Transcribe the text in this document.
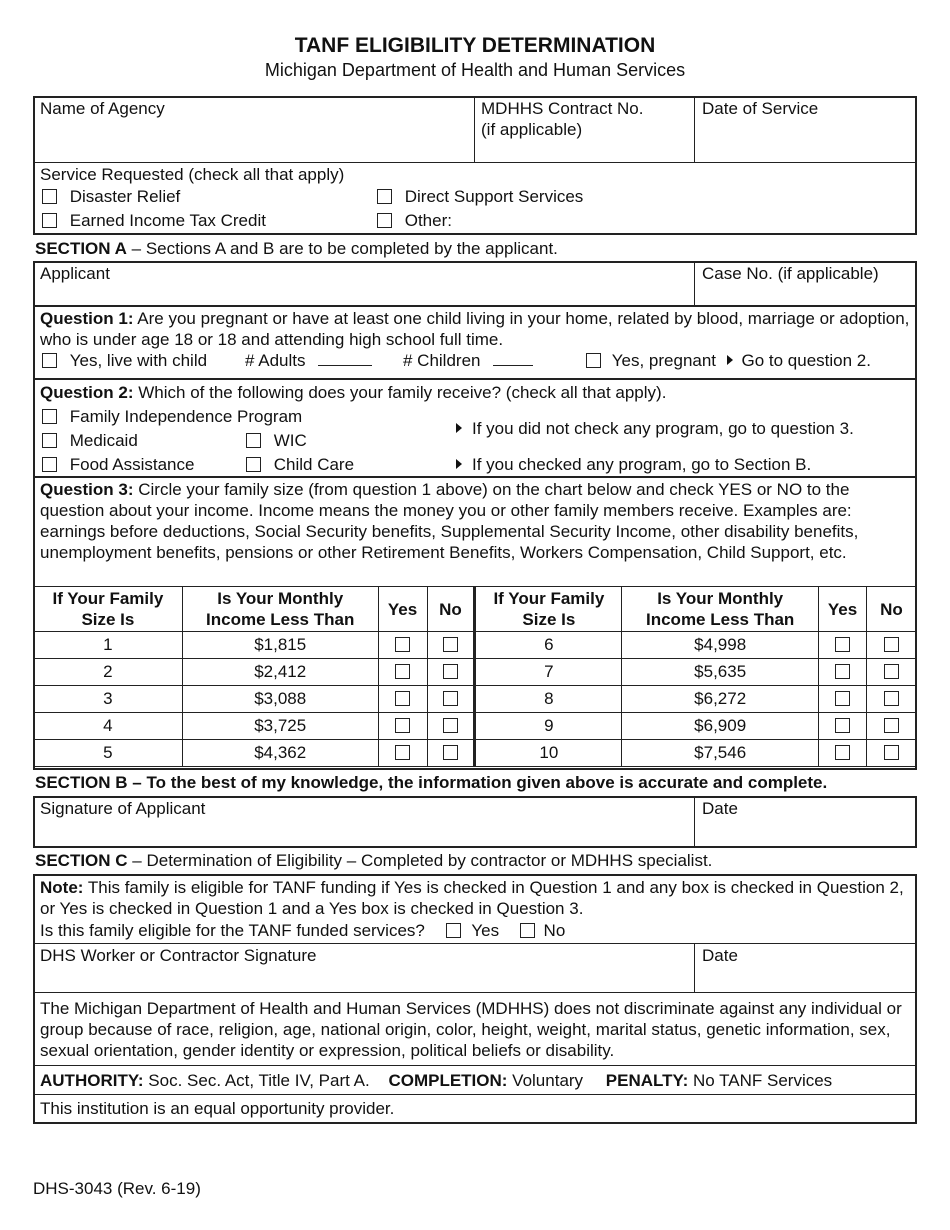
TANF ELIGIBILITY DETERMINATION
Michigan Department of Health and Human Services
Name of Agency	MDHHS Contract No.
(if applicable)
Date of Service
Service Requested (check all that apply)
Disaster Relief	Direct Support Services
Earned Income Tax Credit	Other:
SECTION A – Sections A and B are to be completed by the applicant.
Applicant	Case No. (if applicable)
Question 1: Are you pregnant or have at least one child living in your home, related by blood, marriage or adoption, who is under age 18 or 18 and attending high school full time.
Yes, live with child # Adults	# Children	Yes, pregnant Go to question 2.
Question 2: Which of the following does your family receive? (check all that apply).
Family Independence Program
Medicaid	WIC
Food Assistance	Child Care
If you did not check any program, go to question 3.
If you checked any program, go to Section B.
Question 3: Circle your family size (from question 1 above) on the chart below and check YES or NO to the question about your income. Income means the money you or other family members receive. Examples are: earnings before deductions, Social Security benefits, Supplemental Security Income, other disability benefits, unemployment benefits, pensions or other Retirement Benefits, Workers Compensation, Child Support, etc.
If Your Family
Size Is	Is Your Monthly
Income Less Than	Yes	No	If Your Family
Size Is	Is Your Monthly
Income Less Than	Yes	No
1	$1,815			6	$4,998		
2	$2,412			7	$5,635		
3	$3,088			8	$6,272		
4	$3,725			9	$6,909		
5	$4,362			10	$7,546		
SECTION B – To the best of my knowledge, the information given above is accurate and complete.
Signature of Applicant	Date
SECTION C – Determination of Eligibility – Completed by contractor or MDHHS specialist.
Note: This family is eligible for TANF funding if Yes is checked in Question 1 and any box is checked in Question 2, or Yes is checked in Question 1 and a Yes box is checked in Question 3.
Is this family eligible for the TANF funded services?	Yes	No
DHS Worker or Contractor Signature	Date
The Michigan Department of Health and Human Services (MDHHS) does not discriminate against any individual or group because of race, religion, age, national origin, color, height, weight, marital status, genetic information, sex, sexual orientation, gender identity or expression, political beliefs or disability.
AUTHORITY: Soc. Sec. Act, Title IV, Part A. COMPLETION: Voluntary PENALTY: No TANF Services
This institution is an equal opportunity provider.
DHS-3043 (Rev. 6-19)
